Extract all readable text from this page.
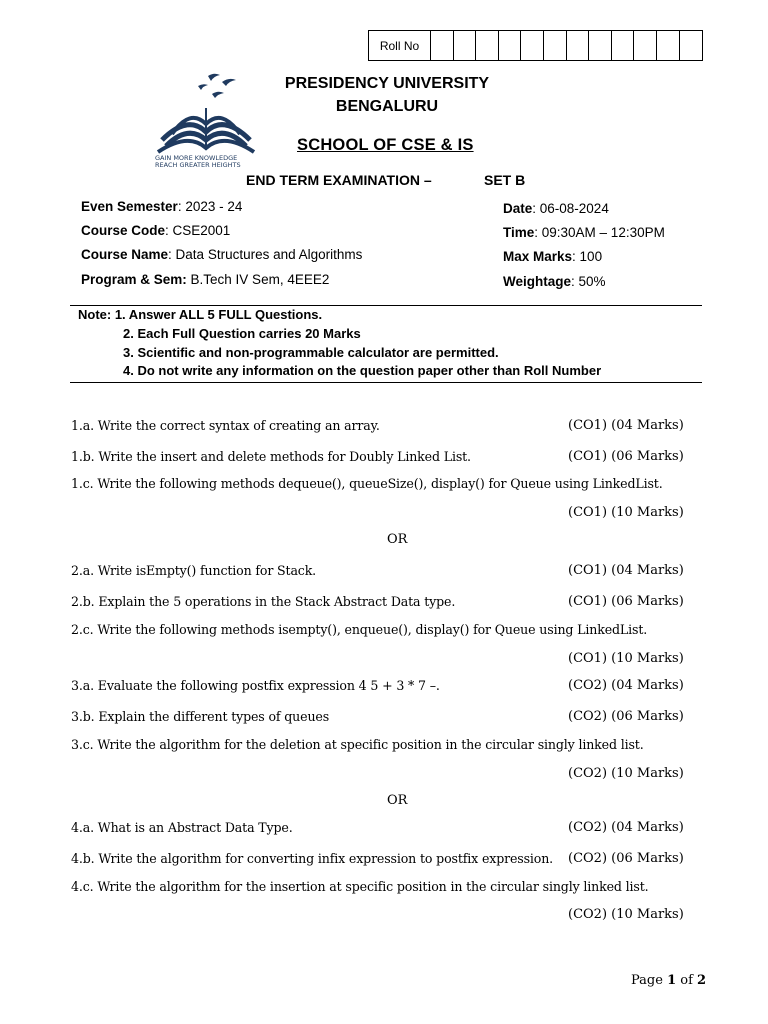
Roll No
GAIN MORE KNOWLEDGE
REACH GREATER HEIGHTS
PRESIDENCY UNIVERSITY
BENGALURU
SCHOOL OF CSE & IS
END TERM EXAMINATION –	SET B
Even Semester: 2023 - 24
Course Code: CSE2001
Course Name: Data Structures and Algorithms
Program & Sem: B.Tech IV Sem, 4EEE2
Date: 06-08-2024
Time: 09:30AM – 12:30PM
Max Marks: 100
Weightage: 50%
Note: 1. Answer ALL 5 FULL Questions.
2. Each Full Question carries 20 Marks
3. Scientific and non-programmable calculator are permitted.
4. Do not write any information on the question paper other than Roll Number
1.a. Write the correct syntax of creating an array.	(CO1) (04 Marks)
1.b. Write the insert and delete methods for Doubly Linked List.	(CO1) (06 Marks)
1.c. Write the following methods dequeue(), queueSize(), display() for Queue using LinkedList.
(CO1) (10 Marks)
OR
2.a. Write isEmpty() function for Stack.	(CO1) (04 Marks)
2.b. Explain the 5 operations in the Stack Abstract Data type.	(CO1) (06 Marks)
2.c. Write the following methods isempty(), enqueue(), display() for Queue using LinkedList.
(CO1) (10 Marks)
3.a. Evaluate the following postfix expression 4 5 + 3 * 7 –.	(CO2) (04 Marks)
3.b. Explain the different types of queues	(CO2) (06 Marks)
3.c. Write the algorithm for the deletion at specific position in the circular singly linked list.
(CO2) (10 Marks)
OR
4.a. What is an Abstract Data Type.	(CO2) (04 Marks)
4.b. Write the algorithm for converting infix expression to postfix expression. (CO2) (06 Marks)
4.c. Write the algorithm for the insertion at specific position in the circular singly linked list.
(CO2) (10 Marks)
Page 1 of 2
